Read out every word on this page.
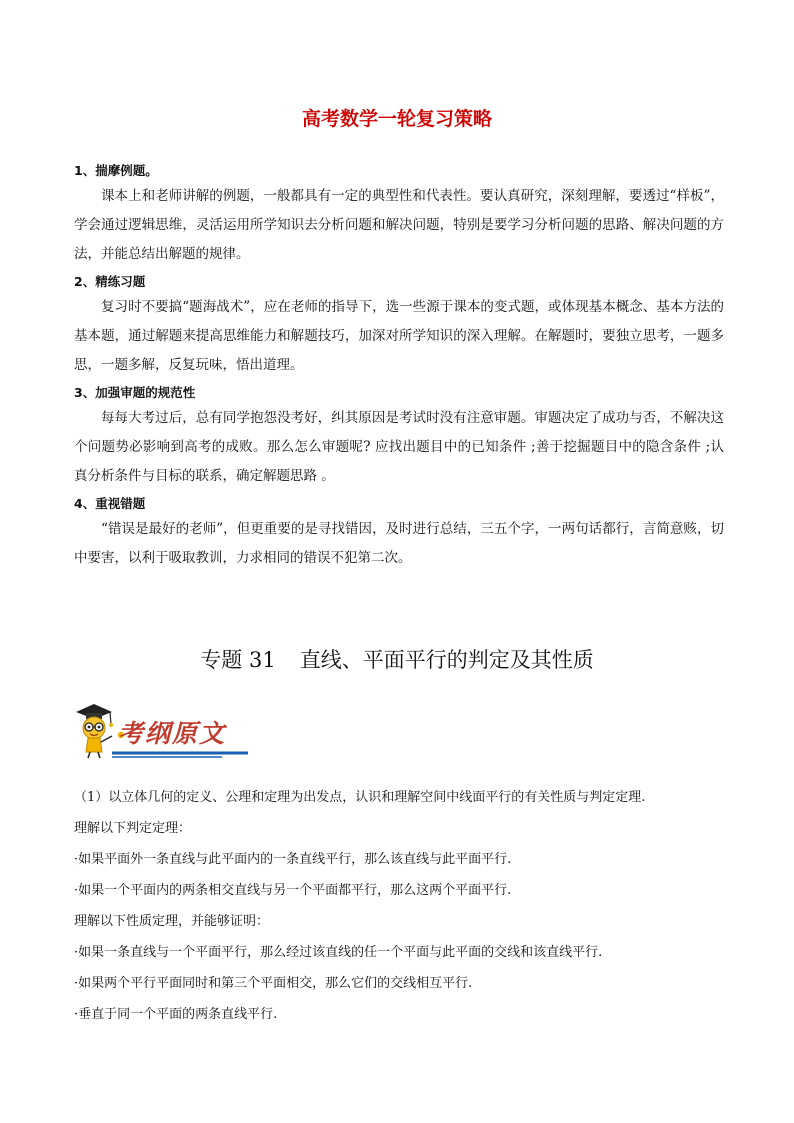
高考数学一轮复习策略
1、揣摩例题。

课本上和老师讲解的例题，一般都具有一定的典型性和代表性。要认真研究，深刻理解，要透过“样板”，学会通过逻辑思维，灵活运用所学知识去分析问题和解决问题，特别是要学习分析问题的思路、解决问题的方法，并能总结出解题的规律。

2、精练习题

复习时不要搞“题海战术”，应在老师的指导下，选一些源于课本的变式题，或体现基本概念、基本方法的基本题，通过解题来提高思维能力和解题技巧，加深对所学知识的深入理解。在解题时，要独立思考，一题多思，一题多解，反复玩味，悟出道理。

3、加强审题的规范性

每每大考过后，总有同学抱怨没考好，纠其原因是考试时没有注意审题。审题决定了成功与否，不解决这个问题势必影响到高考的成败。那么怎么审题呢? 应找出题目中的已知条件 ;善于挖掘题目中的隐含条件 ;认真分析条件与目标的联系，确定解题思路 。

4、重视错题

“错误是最好的老师”，但更重要的是寻找错因，及时进行总结，三五个字，一两句话都行，言简意赅，切中要害，以利于吸取教训，力求相同的错误不犯第二次。

专题 31 直线、平面平行的判定及其性质
考纲原文
（1）以立体几何的定义、公理和定理为出发点，认识和理解空间中线面平行的有关性质与判定定理.
理解以下判定定理：
·如果平面外一条直线与此平面内的一条直线平行，那么该直线与此平面平行.
·如果一个平面内的两条相交直线与另一个平面都平行，那么这两个平面平行.
理解以下性质定理，并能够证明：
·如果一条直线与一个平面平行，那么经过该直线的任一个平面与此平面的交线和该直线平行.
·如果两个平行平面同时和第三个平面相交，那么它们的交线相互平行.
·垂直于同一个平面的两条直线平行.
